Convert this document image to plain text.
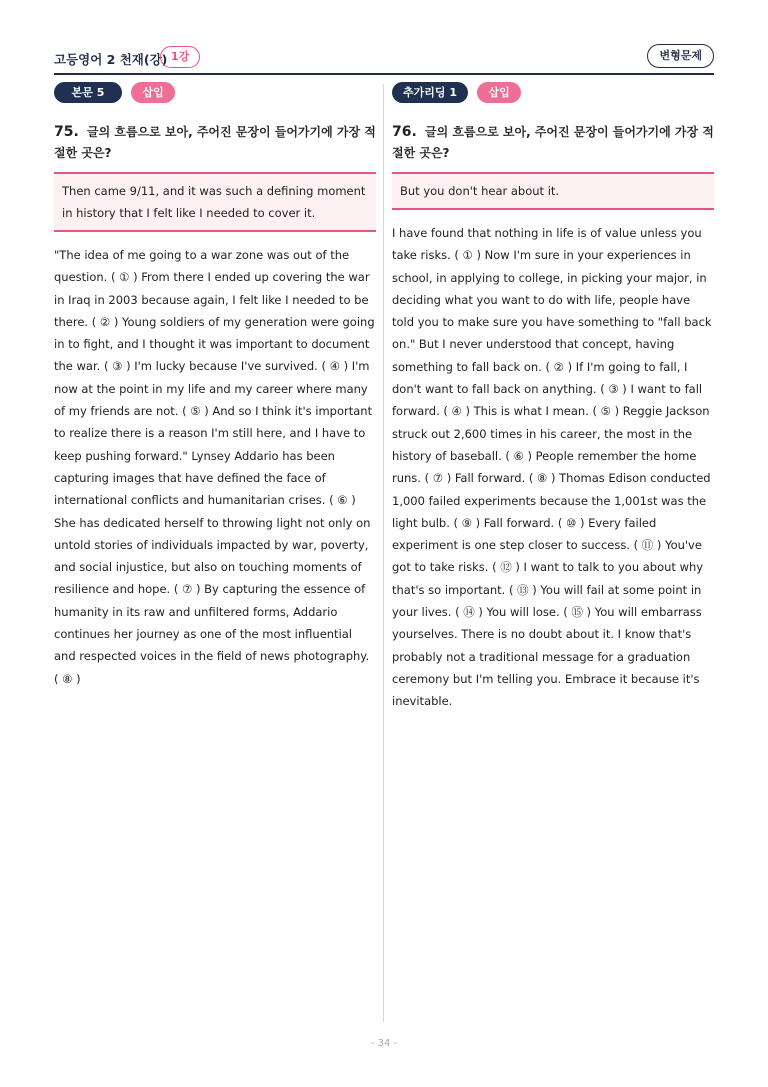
고등영어 2 천재(강) 1강	변형문제
본문 5	삽입
75. 글의 흐름으로 보아, 주어진 문장이 들어가기에 가장 적절한 곳은?
Then came 9/11, and it was such a defining moment in history that I felt like I needed to cover it.
"The idea of me going to a war zone was out of the question. ( ① ) From there I ended up covering the war in Iraq in 2003 because again, I felt like I needed to be there. ( ② ) Young soldiers of my generation were going in to fight, and I thought it was important to document the war. ( ③ ) I'm lucky because I've survived. ( ④ ) I'm now at the point in my life and my career where many of my friends are not. ( ⑤ ) And so I think it's important to realize there is a reason I'm still here, and I have to keep pushing forward." Lynsey Addario has been capturing images that have defined the face of international conflicts and humanitarian crises. ( ⑥ ) She has dedicated herself to throwing light not only on untold stories of individuals impacted by war, poverty, and social injustice, but also on touching moments of resilience and hope. ( ⑦ ) By capturing the essence of humanity in its raw and unfiltered forms, Addario continues her journey as one of the most influential and respected voices in the field of news photography. ( ⑧ )
추가리딩 1	삽입
76. 글의 흐름으로 보아, 주어진 문장이 들어가기에 가장 적절한 곳은?
But you don't hear about it.
I have found that nothing in life is of value unless you take risks. ( ① ) Now I'm sure in your experiences in school, in applying to college, in picking your major, in deciding what you want to do with life, people have told you to make sure you have something to "fall back on." But I never understood that concept, having something to fall back on. ( ② ) If I'm going to fall, I don't want to fall back on anything. ( ③ ) I want to fall forward. ( ④ ) This is what I mean. ( ⑤ ) Reggie Jackson struck out 2,600 times in his career, the most in the history of baseball. ( ⑥ ) People remember the home runs. ( ⑦ ) Fall forward. ( ⑧ ) Thomas Edison conducted 1,000 failed experiments because the 1,001st was the light bulb. ( ⑨ ) Fall forward. ( ⑩ ) Every failed experiment is one step closer to success. ( ⑪ ) You've got to take risks. ( ⑫ ) I want to talk to you about why that's so important. ( ⑬ ) You will fail at some point in your lives. ( ⑭ ) You will lose. ( ⑮ ) You will embarrass yourselves. There is no doubt about it. I know that's probably not a traditional message for a graduation ceremony but I'm telling you. Embrace it because it's inevitable.
- 34 -
